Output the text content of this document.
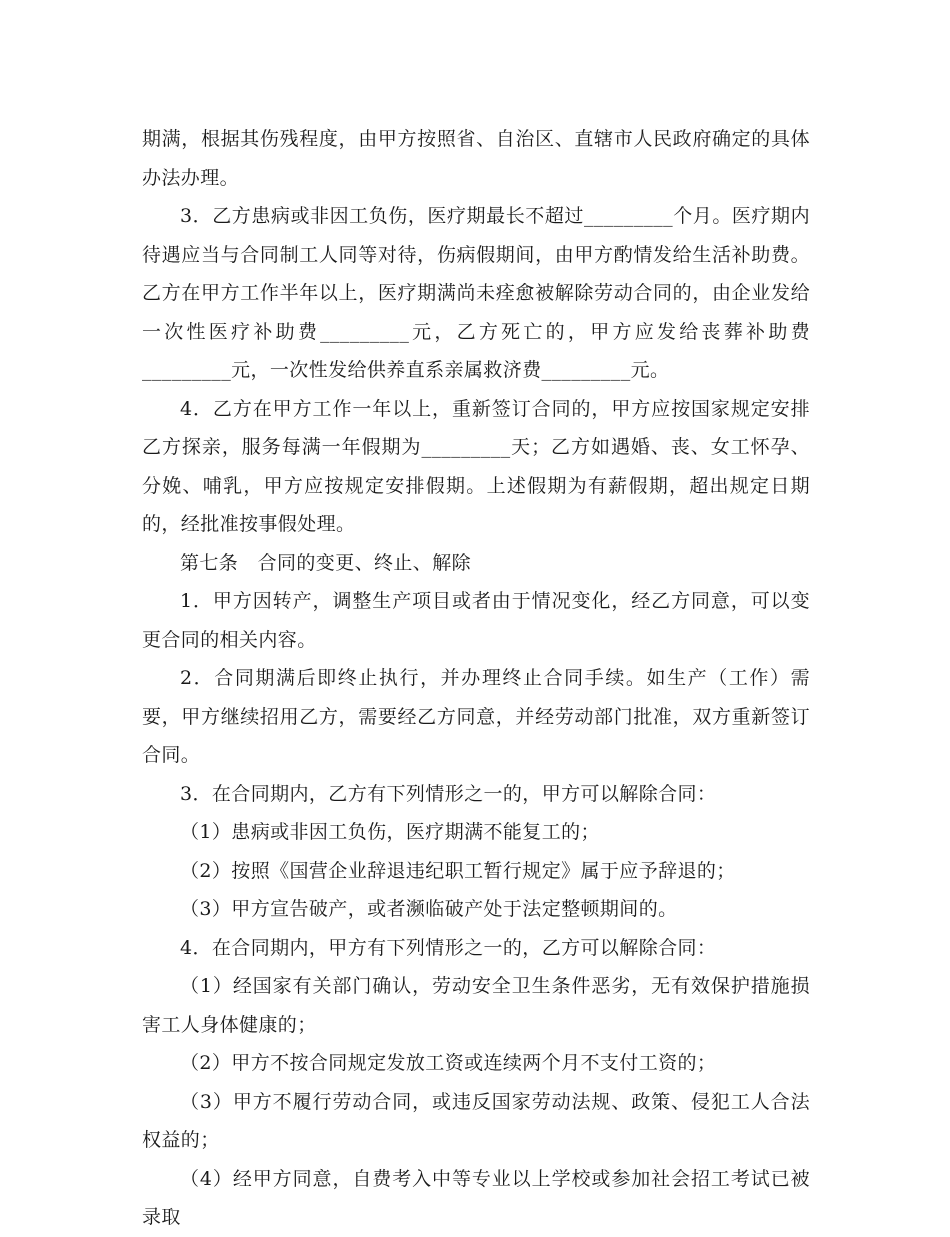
期满，根据其伤残程度，由甲方按照省、自治区、直辖市人民政府确定的具体办法办理。

3．乙方患病或非因工负伤，医疗期最长不超过_________个月。医疗期内待遇应当与合同制工人同等对待，伤病假期间，由甲方酌情发给生活补助费。乙方在甲方工作半年以上，医疗期满尚未痊愈被解除劳动合同的，由企业发给一次性医疗补助费_________元，乙方死亡的，甲方应发给丧葬补助费_________元，一次性发给供养直系亲属救济费_________元。

4．乙方在甲方工作一年以上，重新签订合同的，甲方应按国家规定安排乙方探亲，服务每满一年假期为_________天；乙方如遇婚、丧、女工怀孕、分娩、哺乳，甲方应按规定安排假期。上述假期为有薪假期，超出规定日期的，经批准按事假处理。

第七条　合同的变更、终止、解除

1．甲方因转产，调整生产项目或者由于情况变化，经乙方同意，可以变更合同的相关内容。

2．合同期满后即终止执行，并办理终止合同手续。如生产（工作）需要，甲方继续招用乙方，需要经乙方同意，并经劳动部门批准，双方重新签订合同。

3．在合同期内，乙方有下列情形之一的，甲方可以解除合同：

（1）患病或非因工负伤，医疗期满不能复工的；

（2）按照《国营企业辞退违纪职工暂行规定》属于应予辞退的；

（3）甲方宣告破产，或者濒临破产处于法定整顿期间的。

4．在合同期内，甲方有下列情形之一的，乙方可以解除合同：

（1）经国家有关部门确认，劳动安全卫生条件恶劣，无有效保护措施损害工人身体健康的；

（2）甲方不按合同规定发放工资或连续两个月不支付工资的；

（3）甲方不履行劳动合同，或违反国家劳动法规、政策、侵犯工人合法权益的；

（4）经甲方同意，自费考入中等专业以上学校或参加社会招工考试已被录取
